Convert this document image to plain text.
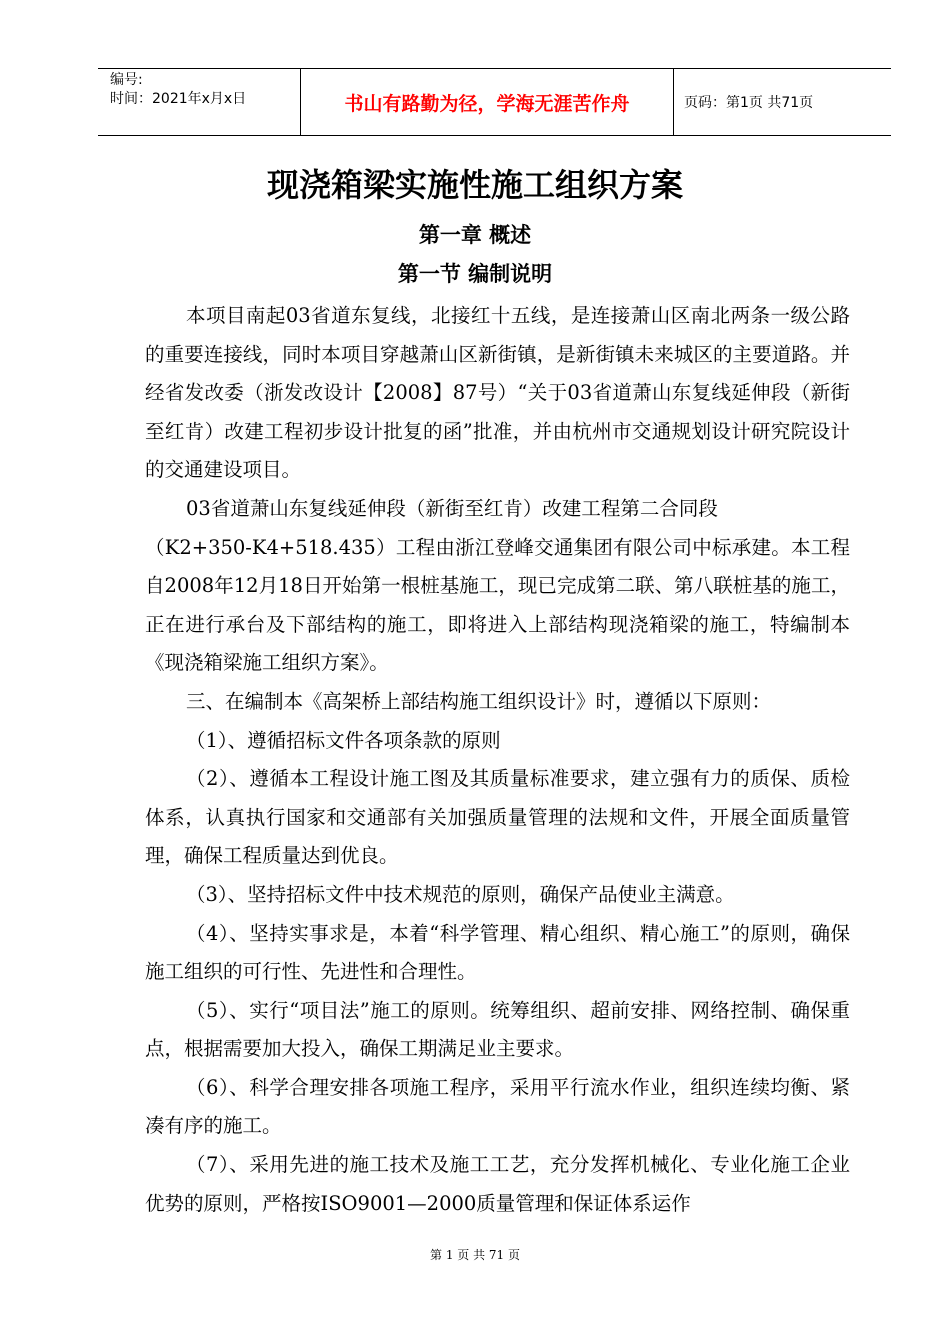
编号:
时间：2021年x月x日	书山有路勤为径，学海无涯苦作舟	页码：第1页 共71页
现浇箱梁实施性施工组织方案
第一章 概述
第一节 编制说明

本项目南起03省道东复线，北接红十五线，是连接萧山区南北两条一级公路的重要连接线，同时本项目穿越萧山区新街镇，是新街镇未来城区的主要道路。并经省发改委（浙发改设计【2008】87号）“关于03省道萧山东复线延伸段（新街至红肯）改建工程初步设计批复的函”批准，并由杭州市交通规划设计研究院设计的交通建设项目。

03省道萧山东复线延伸段（新街至红肯）改建工程第二合同段

（K2+350-K4+518.435）工程由浙江登峰交通集团有限公司中标承建。本工程自2008年12月18日开始第一根桩基施工，现已完成第二联、第八联桩基的施工，正在进行承台及下部结构的施工，即将进入上部结构现浇箱梁的施工，特编制本《现浇箱梁施工组织方案》。

三、在编制本《高架桥上部结构施工组织设计》时，遵循以下原则：

（1）、遵循招标文件各项条款的原则

（2）、遵循本工程设计施工图及其质量标准要求，建立强有力的质保、质检体系，认真执行国家和交通部有关加强质量管理的法规和文件，开展全面质量管理，确保工程质量达到优良。

（3）、坚持招标文件中技术规范的原则，确保产品使业主满意。

（4）、坚持实事求是，本着“科学管理、精心组织、精心施工”的原则，确保施工组织的可行性、先进性和合理性。

（5）、实行“项目法”施工的原则。统筹组织、超前安排、网络控制、确保重点，根据需要加大投入，确保工期满足业主要求。

（6）、科学合理安排各项施工程序，采用平行流水作业，组织连续均衡、紧凑有序的施工。

（7）、采用先进的施工技术及施工工艺，充分发挥机械化、专业化施工企业优势的原则，严格按ISO9001—2000质量管理和保证体系运作

第 1 页 共 71 页
